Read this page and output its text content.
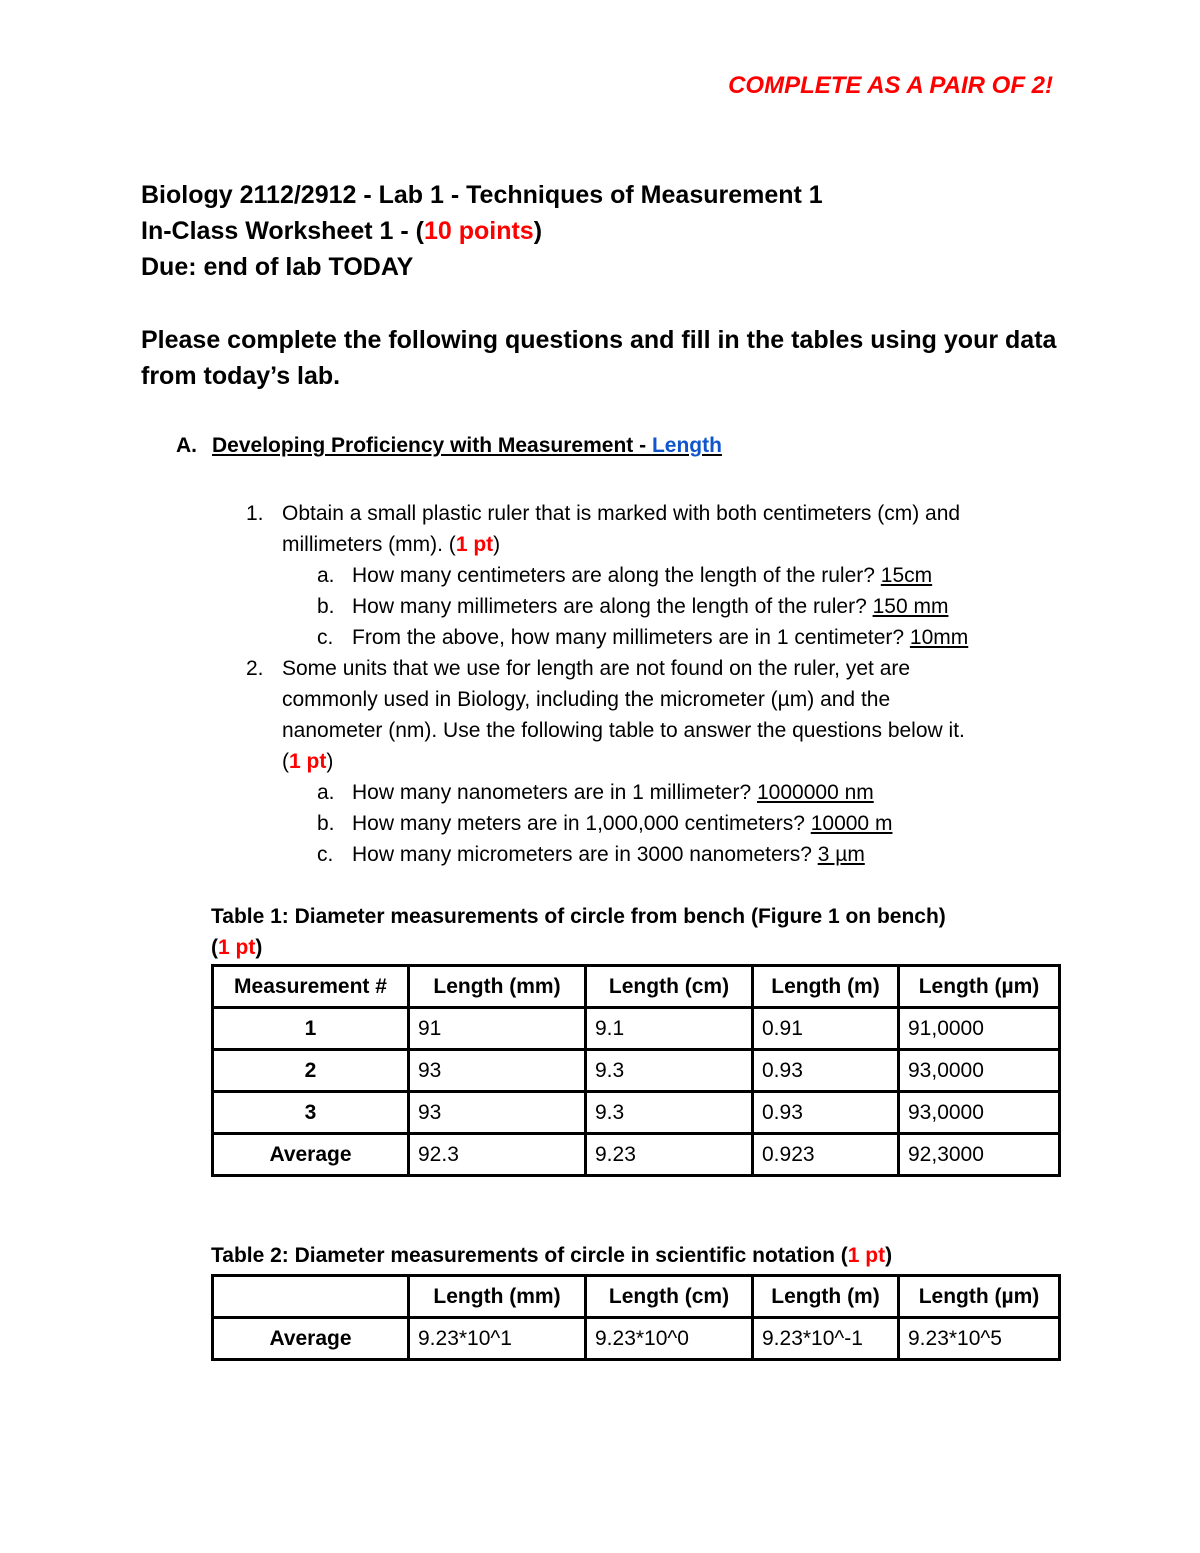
COMPLETE AS A PAIR OF 2!
Biology 2112/2912 - Lab 1 - Techniques of Measurement 1
In-Class Worksheet 1 - (10 points)
Due: end of lab TODAY
Please complete the following questions and fill in the tables using your data from today’s lab.
A. Developing Proficiency with Measurement - Length
1. Obtain a small plastic ruler that is marked with both centimeters (cm) and
millimeters (mm). (1 pt)
a. How many centimeters are along the length of the ruler? 15cm
b. How many millimeters are along the length of the ruler? 150 mm
c. From the above, how many millimeters are in 1 centimeter? 10mm
2. Some units that we use for length are not found on the ruler, yet are
commonly used in Biology, including the micrometer (µm) and the
nanometer (nm). Use the following table to answer the questions below it.
(1 pt)
a. How many nanometers are in 1 millimeter? 1000000 nm
b. How many meters are in 1,000,000 centimeters? 10000 m
c. How many micrometers are in 3000 nanometers? 3 µm
Table 1: Diameter measurements of circle from bench (Figure 1 on bench)
(1 pt)
Measurement #	Length (mm)	Length (cm)	Length (m)	Length (µm)
1	91	9.1	0.91	91,0000
2	93	9.3	0.93	93,0000
3	93	9.3	0.93	93,0000
Average	92.3	9.23	0.923	92,3000
Table 2: Diameter measurements of circle in scientific notation (1 pt)
	Length (mm)	Length (cm)	Length (m)	Length (µm)
Average	9.23*10^1	9.23*10^0	9.23*10^-1	9.23*10^5
